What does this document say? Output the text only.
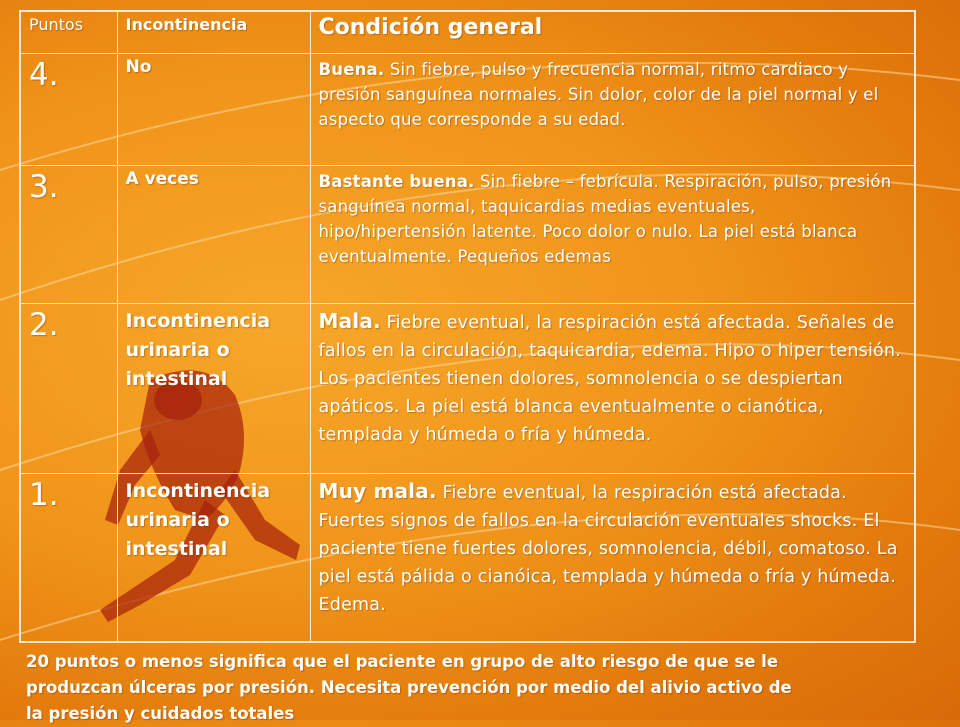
Puntos	Incontinencia	Condición general
4.	No	Buena. Sin fiebre, pulso y frecuencia normal, ritmo cardiaco y presión sanguínea normales. Sin dolor, color de la piel normal y el aspecto que corresponde a su edad.
3.	A veces	Bastante buena. Sin fiebre – febrícula. Respiración, pulso, presión sanguínea normal, taquicardias medias eventuales, hipo/hipertensión latente. Poco dolor o nulo. La piel está blanca eventualmente. Pequeños edemas
2.	Incontinencia urinaria o intestinal	Mala. Fiebre eventual, la respiración está afectada. Señales de fallos en la circulación, taquicardia, edema. Hipo o hiper tensión. Los pacientes tienen dolores, somnolencia o se despiertan apáticos. La piel está blanca eventualmente o cianótica, templada y húmeda o fría y húmeda.
1.	Incontinencia urinaria o intestinal	Muy mala. Fiebre eventual, la respiración está afectada. Fuertes signos de fallos en la circulación eventuales shocks. El paciente tiene fuertes dolores, somnolencia, débil, comatoso. La piel está pálida o cianóica, templada y húmeda o fría y húmeda. Edema.
20 puntos o menos significa que el paciente en grupo de alto riesgo de que se le
produzcan úlceras por presión. Necesita prevención por medio del alivio activo de
la presión y cuidados totales
